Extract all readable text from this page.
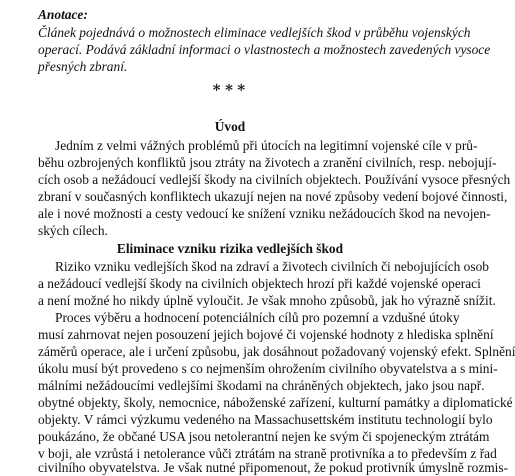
Anotace:
Článek pojednává o možnostech eliminace vedlejších škod v průběhu vojenských
operací. Podává základní informaci o vlastnostech a možnostech zavedených vysoce
přesných zbraní.
∗∗∗
Úvod
Jedním z velmi vážných problémů při útocích na legitimní vojenské cíle v prů-
běhu ozbrojených konfliktů jsou ztráty na životech a zranění civilních, resp. nebojují-
cích osob a nežádoucí vedlejší škody na civilních objektech. Používání vysoce přesných
zbraní v současných konfliktech ukazují nejen na nové způsoby vedení bojové činnosti,
ale i nové možnosti a cesty vedoucí ke snížení vzniku nežádoucích škod na nevojen-
ských cílech.
Eliminace vzniku rizika vedlejších škod
Riziko vzniku vedlejších škod na zdraví a životech civilních či nebojujících osob
a nežádoucí vedlejší škody na civilních objektech hrozí při každé vojenské operaci
a není možné ho nikdy úplně vyloučit. Je však mnoho způsobů, jak ho výrazně snížit.
Proces výběru a hodnocení potenciálních cílů pro pozemní a vzdušné útoky
musí zahrnovat nejen posouzení jejich bojové či vojenské hodnoty z hlediska splnění
záměrů operace, ale i určení způsobu, jak dosáhnout požadovaný vojenský efekt. Splnění
úkolu musí být provedeno s co nejmenším ohrožením civilního obyvatelstva a s mini-
málními nežádoucími vedlejšími škodami na chráněných objektech, jako jsou např.
obytné objekty, školy, nemocnice, náboženské zařízení, kulturní památky a diplomatické
objekty. V rámci výzkumu vedeného na Massachusettském institutu technologií bylo
poukázáno, že občané USA jsou netolerantní nejen ke svým či spojeneckým ztrátám
v boji, ale vzrůstá i netolerance vůči ztrátám na straně protivníka a to především z řad
civilního obyvatelstva. Je však nutné připomenout, že pokud protivník úmyslně rozmis-
